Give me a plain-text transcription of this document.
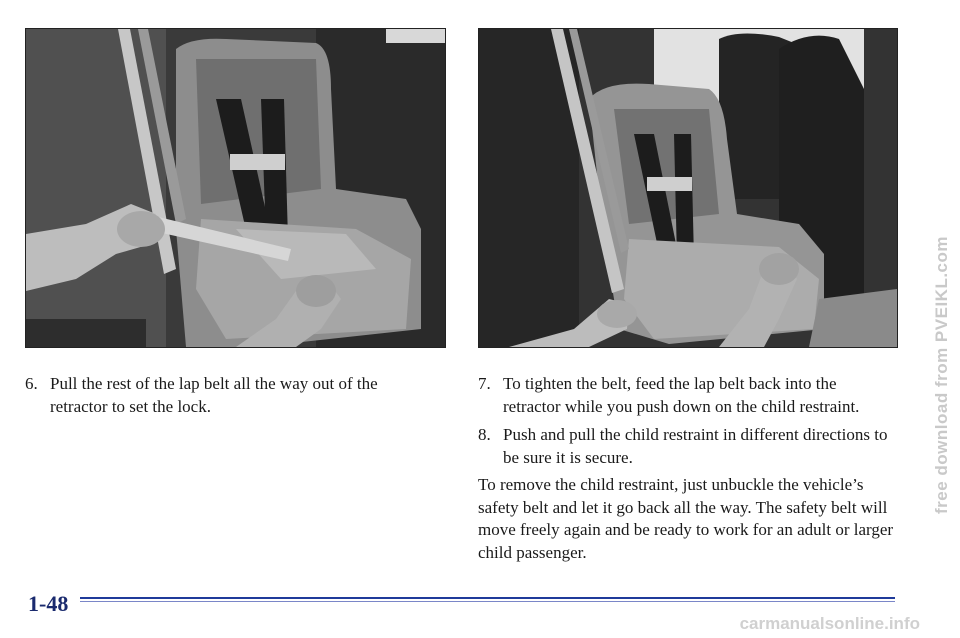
6. Pull the rest of the lap belt all the way out of the retractor to set the lock.
7. To tighten the belt, feed the lap belt back into the retractor while you push down on the child restraint.
8. Push and pull the child restraint in different directions to be sure it is secure.

To remove the child restraint, just unbuckle the vehicle’s safety belt and let it go back all the way. The safety belt will move freely again and be ready to work for an adult or larger child passenger.

1-48
free download from PVEIKL.com
carmanualsonline.info
